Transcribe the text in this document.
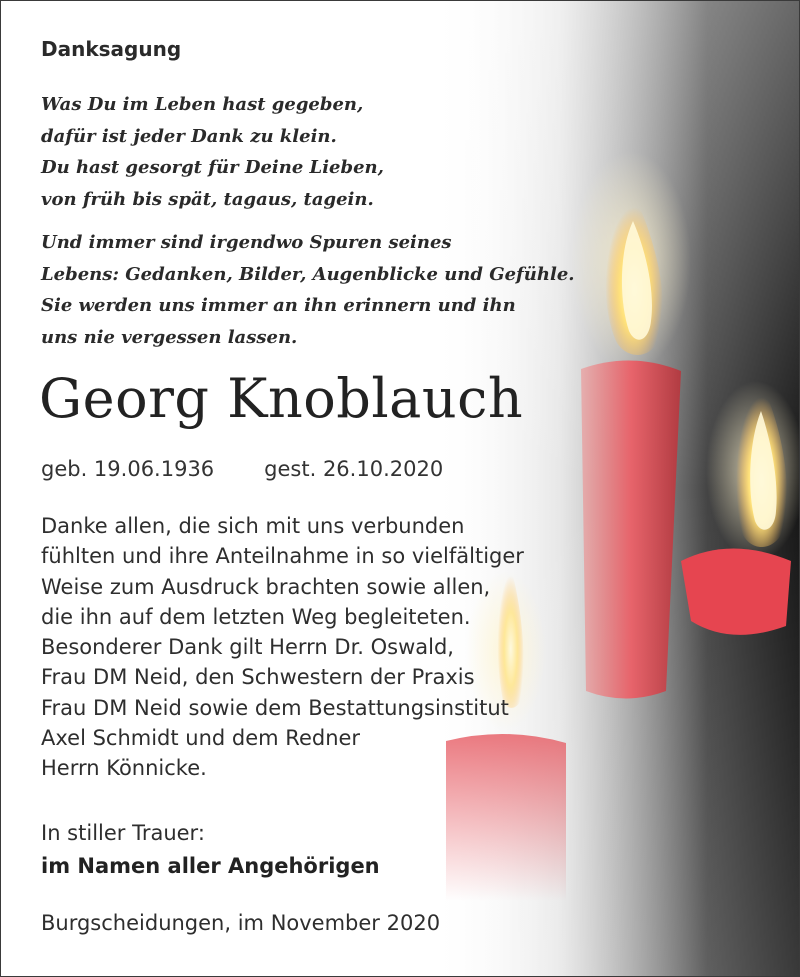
Danksagung
Was Du im Leben hast gegeben,
dafür ist jeder Dank zu klein.
Du hast gesorgt für Deine Lieben,
von früh bis spät, tagaus, tagein.
Und immer sind irgendwo Spuren seines
Lebens: Gedanken, Bilder, Augenblicke und Gefühle.
Sie werden uns immer an ihn erinnern und ihn
uns nie vergessen lassen.
Georg Knoblauch
geb. 19.06.1936 gest. 26.10.2020
Danke allen, die sich mit uns verbunden
fühlten und ihre Anteilnahme in so vielfältiger
Weise zum Ausdruck brachten sowie allen,
die ihn auf dem letzten Weg begleiteten.
Besonderer Dank gilt Herrn Dr. Oswald,
Frau DM Neid, den Schwestern der Praxis
Frau DM Neid sowie dem Bestattungsinstitut
Axel Schmidt und dem Redner
Herrn Könnicke.
In stiller Trauer:
im Namen aller Angehörigen
Burgscheidungen, im November 2020
